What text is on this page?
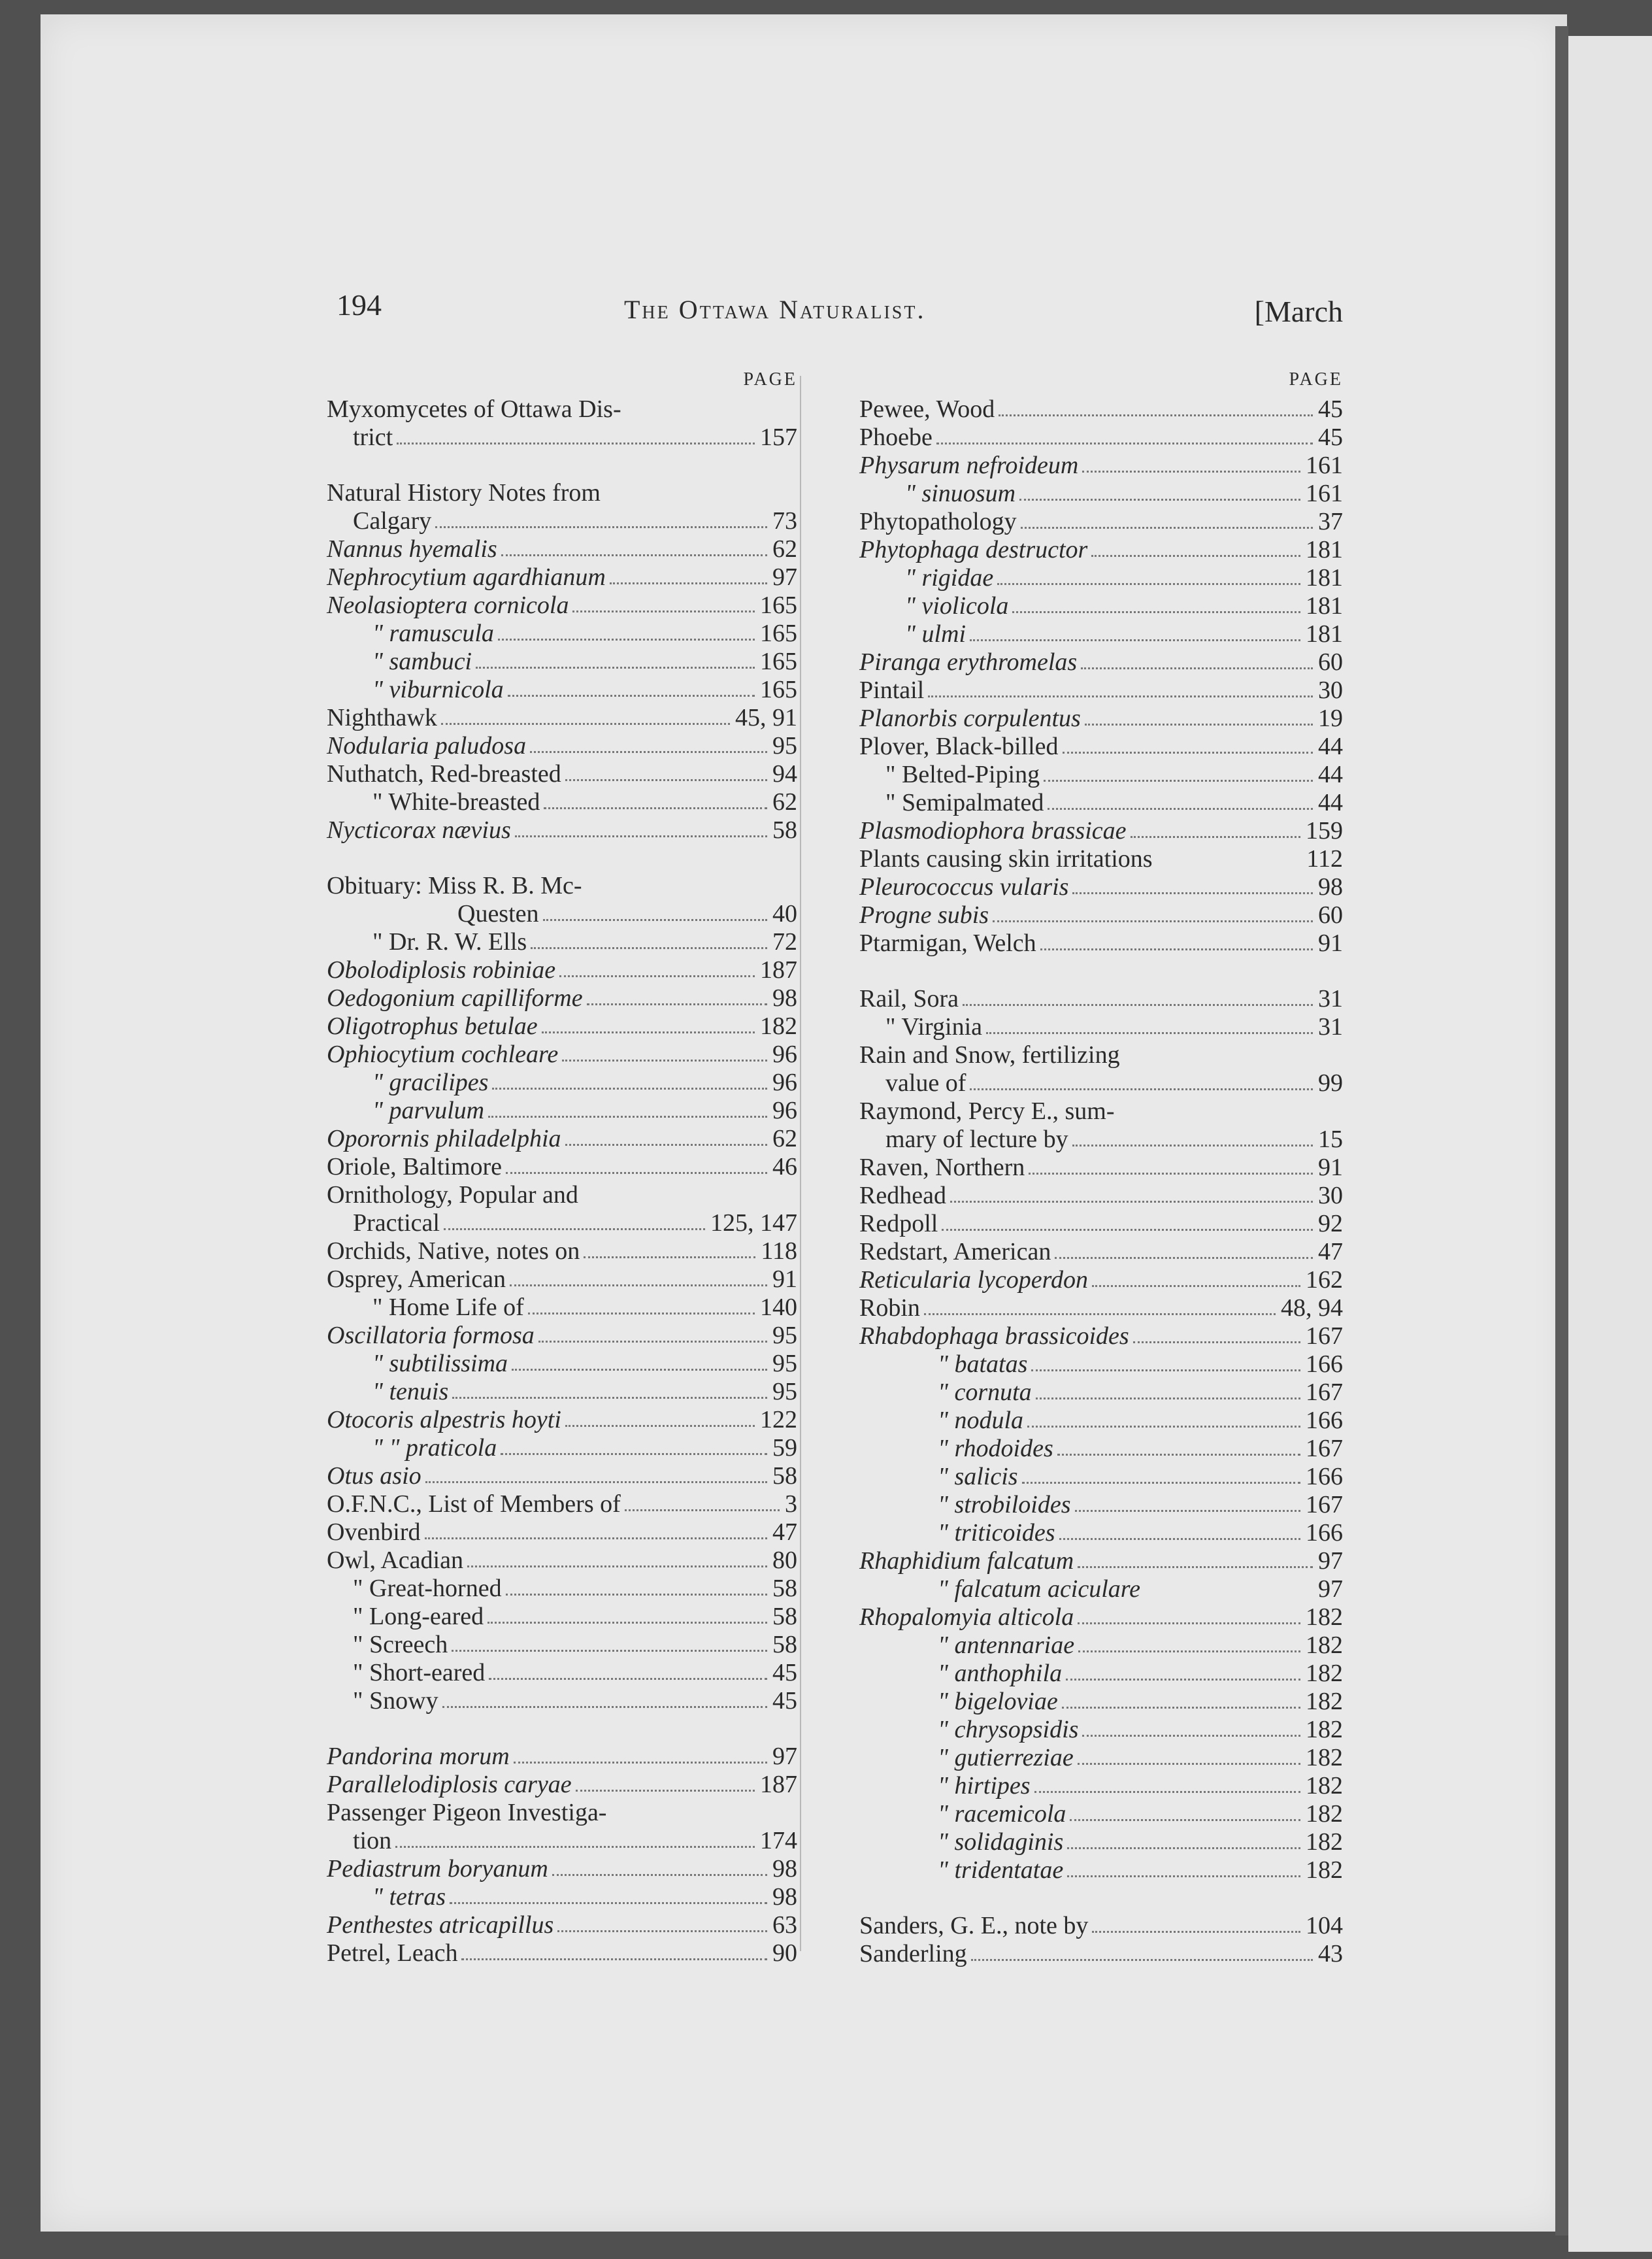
194	The Ottawa Naturalist.	[March
PAGE
Myxomycetes of Ottawa Dis-
trict	157
Natural History Notes from
Calgary	73
Nannus hyemalis	62
Nephrocytium agardhianum	97
Neolasioptera cornicola	165
" ramuscula	165
" sambuci	165
" viburnicola	165
Nighthawk	45, 91
Nodularia paludosa	95
Nuthatch, Red-breasted	94
" White-breasted	62
Nycticorax nævius	58
Obituary: Miss R. B. Mc-
Questen	40
" Dr. R. W. Ells	72
Obolodiplosis robiniae	187
Oedogonium capilliforme	98
Oligotrophus betulae	182
Ophiocytium cochleare	96
" gracilipes	96
" parvulum	96
Oporornis philadelphia	62
Oriole, Baltimore	46
Ornithology, Popular and
Practical	125, 147
Orchids, Native, notes on	118
Osprey, American	91
" Home Life of	140
Oscillatoria formosa	95
" subtilissima	95
" tenuis	95
Otocoris alpestris hoyti	122
" " praticola	59
Otus asio	58
O.F.N.C., List of Members of	3
Ovenbird	47
Owl, Acadian	80
" Great-horned	58
" Long-eared	58
" Screech	58
" Short-eared	45
" Snowy	45
Pandorina morum	97
Parallelodiplosis caryae	187
Passenger Pigeon Investiga-
tion	174
Pediastrum boryanum	98
" tetras	98
Penthestes atricapillus	63
Petrel, Leach	90
PAGE
Pewee, Wood	45
Phoebe	45
Physarum nefroideum	161
" sinuosum	161
Phytopathology	37
Phytophaga destructor	181
" rigidae	181
" violicola	181
" ulmi	181
Piranga erythromelas	60
Pintail	30
Planorbis corpulentus	19
Plover, Black-billed	44
" Belted-Piping	44
" Semipalmated	44
Plasmodiophora brassicae	159
Plants causing skin irritations	112
Pleurococcus vularis	98
Progne subis	60
Ptarmigan, Welch	91
Rail, Sora	31
" Virginia	31
Rain and Snow, fertilizing
value of	99
Raymond, Percy E., sum-
mary of lecture by	15
Raven, Northern	91
Redhead	30
Redpoll	92
Redstart, American	47
Reticularia lycoperdon	162
Robin	48, 94
Rhabdophaga brassicoides	167
" batatas	166
" cornuta	167
" nodula	166
" rhodoides	167
" salicis	166
" strobiloides	167
" triticoides	166
Rhaphidium falcatum	97
" falcatum aciculare	97
Rhopalomyia alticola	182
" antennariae	182
" anthophila	182
" bigeloviae	182
" chrysopsidis	182
" gutierreziae	182
" hirtipes	182
" racemicola	182
" solidaginis	182
" tridentatae	182
Sanders, G. E., note by	104
Sanderling	43
